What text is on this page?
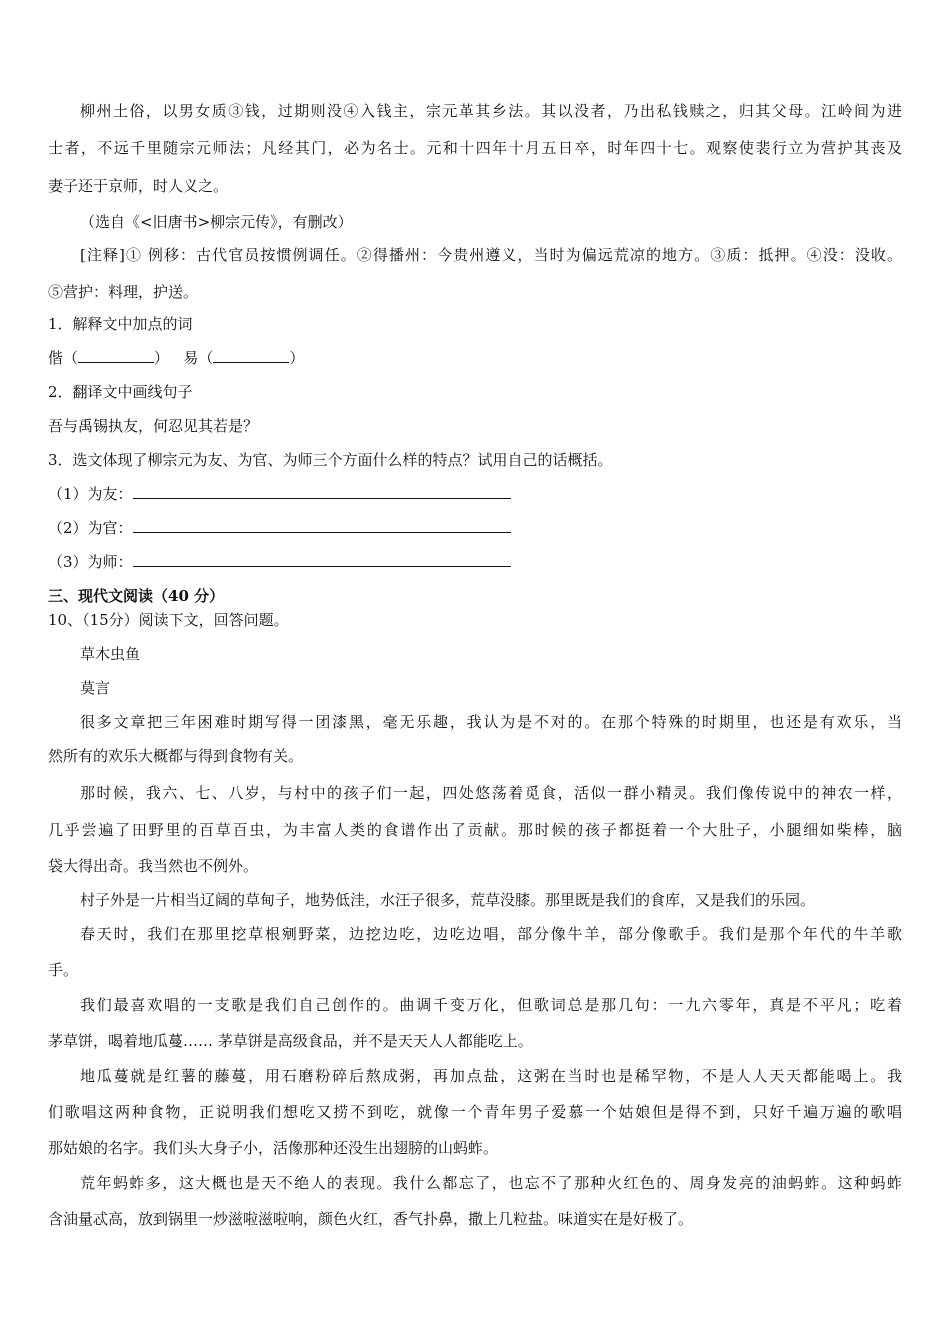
柳州土俗，以男女质③钱，过期则没④入钱主，宗元革其乡法。其以没者，乃出私钱赎之，归其父母。江岭间为进
士者，不远千里随宗元师法；凡经其门，必为名士。元和十四年十月五日卒，时年四十七。观察使裴行立为营护其丧及
妻子还于京师，时人义之。
（选自《<旧唐书>柳宗元传》，有删改）
[注释]① 例移：古代官员按惯例调任。②得播州：今贵州遵义，当时为偏远荒凉的地方。③质：抵押。④没：没收。
⑤营护：料理，护送。
1．解释文中加点的词
偕（	） 易（	）
2．翻译文中画线句子
吾与禹锡执友，何忍见其若是？
3．选文体现了柳宗元为友、为官、为师三个方面什么样的特点？试用自己的话概括。
（1）为友：
（2）为官：
（3）为师：
三、现代文阅读（40 分）
10、（15分）阅读下文，回答问题。
草木虫鱼
莫言
很多文章把三年困难时期写得一团漆黑，毫无乐趣，我认为是不对的。在那个特殊的时期里，也还是有欢乐，当
然所有的欢乐大概都与得到食物有关。
那时候，我六、七、八岁，与村中的孩子们一起，四处悠荡着觅食，活似一群小精灵。我们像传说中的神农一样，
几乎尝遍了田野里的百草百虫，为丰富人类的食谱作出了贡献。那时候的孩子都挺着一个大肚子，小腿细如柴棒，脑
袋大得出奇。我当然也不例外。
村子外是一片相当辽阔的草甸子，地势低洼，水汪子很多，荒草没膝。那里既是我们的食库，又是我们的乐园。
春天时，我们在那里挖草根剜野菜，边挖边吃，边吃边唱，部分像牛羊，部分像歌手。我们是那个年代的牛羊歌
手。
我们最喜欢唱的一支歌是我们自己创作的。曲调千变万化，但歌词总是那几句：一九六零年，真是不平凡；吃着
茅草饼，喝着地瓜蔓…… 茅草饼是高级食品，并不是天天人人都能吃上。
地瓜蔓就是红薯的藤蔓，用石磨粉碎后熬成粥，再加点盐，这粥在当时也是稀罕物，不是人人天天都能喝上。我
们歌唱这两种食物，正说明我们想吃又捞不到吃，就像一个青年男子爱慕一个姑娘但是得不到，只好千遍万遍的歌唱
那姑娘的名字。我们头大身子小，活像那种还没生出翅膀的山蚂蚱。
荒年蚂蚱多，这大概也是天不绝人的表现。我什么都忘了，也忘不了那种火红色的、周身发亮的油蚂蚱。这种蚂蚱
含油量忒高，放到锅里一炒滋啦滋啦响，颜色火红，香气扑鼻，撒上几粒盐。味道实在是好极了。
